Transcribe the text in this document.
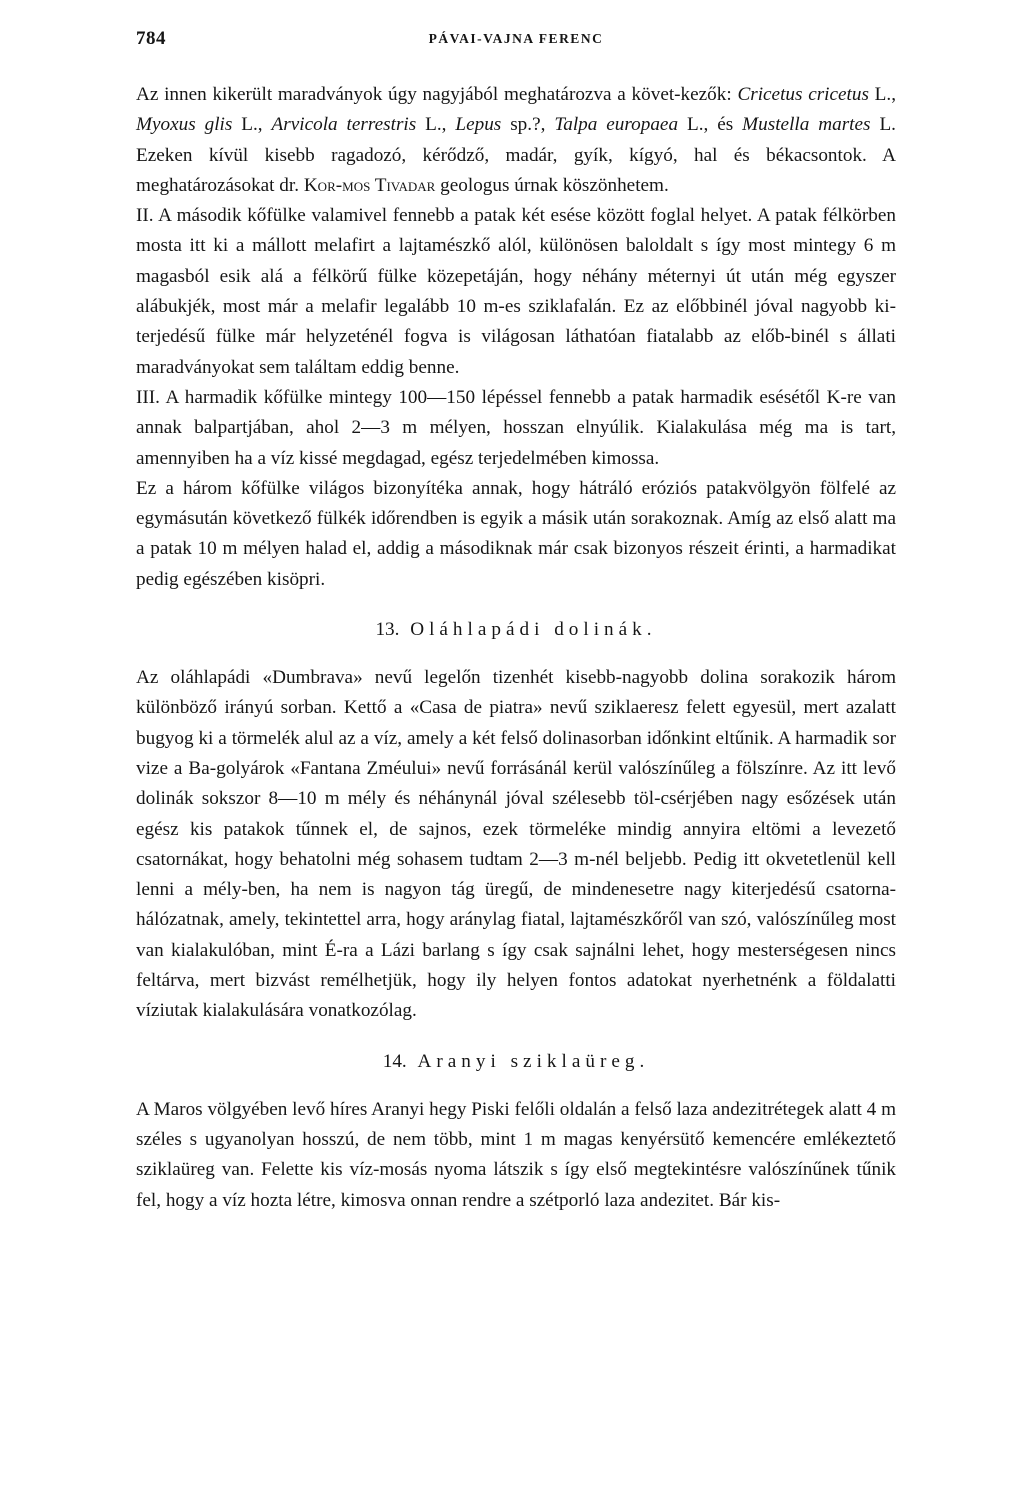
784	PÁVAI-VAJNA FERENC

Az innen kikerült maradványok úgy nagyjából meghatározva a követ-kezők: Cricetus cricetus L., Myoxus glis L., Arvicola terrestris L., Lepus sp.?, Talpa europaea L., és Mustella martes L. Ezeken kívül kisebb ragadozó, kérődző, madár, gyík, kígyó, hal és békacsontok. A meghatározásokat dr. Kor-mos Tivadar geologus úrnak köszönhetem.

II. A második kőfülke valamivel fennebb a patak két esése között foglal helyet. A patak félkörben mosta itt ki a mállott melafirt a lajtamészkő alól, különösen baloldalt s így most mintegy 6 m magasból esik alá a félkörű fülke közepetáján, hogy néhány méternyi út után még egyszer alábukjék, most már a melafir legalább 10 m-es sziklafalán. Ez az előbbinél jóval nagyobb ki-terjedésű fülke már helyzeténél fogva is világosan láthatóan fiatalabb az előb-binél s állati maradványokat sem találtam eddig benne.

III. A harmadik kőfülke mintegy 100—150 lépéssel fennebb a patak harmadik esésétől K-re van annak balpartjában, ahol 2—3 m mélyen, hosszan elnyúlik. Kialakulása még ma is tart, amennyiben ha a víz kissé megdagad, egész terjedelmében kimossa.

Ez a három kőfülke világos bizonyítéka annak, hogy hátráló eróziós patakvölgyön fölfelé az egymásután következő fülkék időrendben is egyik a másik után sorakoznak. Amíg az első alatt ma a patak 10 m mélyen halad el, addig a másodiknak már csak bizonyos részeit érinti, a harmadikat pedig egészében kisöpri.

13. Oláhlapádi dolinák.

Az oláhlapádi «Dumbrava» nevű legelőn tizenhét kisebb-nagyobb dolina sorakozik három különböző irányú sorban. Kettő a «Casa de piatra» nevű sziklaeresz felett egyesül, mert azalatt bugyog ki a törmelék alul az a víz, amely a két felső dolinasorban időnkint eltűnik. A harmadik sor vize a Ba-golyárok «Fantana Zméului» nevű forrásánál kerül valószínűleg a fölszínre. Az itt levő dolinák sokszor 8—10 m mély és néhánynál jóval szélesebb töl-csérjében nagy esőzések után egész kis patakok tűnnek el, de sajnos, ezek törmeléke mindig annyira eltömi a levezető csatornákat, hogy behatolni még sohasem tudtam 2—3 m-nél beljebb. Pedig itt okvetetlenül kell lenni a mély-ben, ha nem is nagyon tág üregű, de mindenesetre nagy kiterjedésű csatorna-hálózatnak, amely, tekintettel arra, hogy aránylag fiatal, lajtamészkőről van szó, valószínűleg most van kialakulóban, mint É-ra a Lázi barlang s így csak sajnálni lehet, hogy mesterségesen nincs feltárva, mert bizvást remélhetjük, hogy ily helyen fontos adatokat nyerhetnénk a földalatti víziutak kialakulására vonatkozólag.

14. Aranyi sziklaüreg.

A Maros völgyében levő híres Aranyi hegy Piski felőli oldalán a felső laza andezitrétegek alatt 4 m széles s ugyanolyan hosszú, de nem több, mint 1 m magas kenyérsütő kemencére emlékeztető sziklaüreg van. Felette kis víz-mosás nyoma látszik s így első megtekintésre valószínűnek tűnik fel, hogy a víz hozta létre, kimosva onnan rendre a szétporló laza andezitet. Bár kis-
